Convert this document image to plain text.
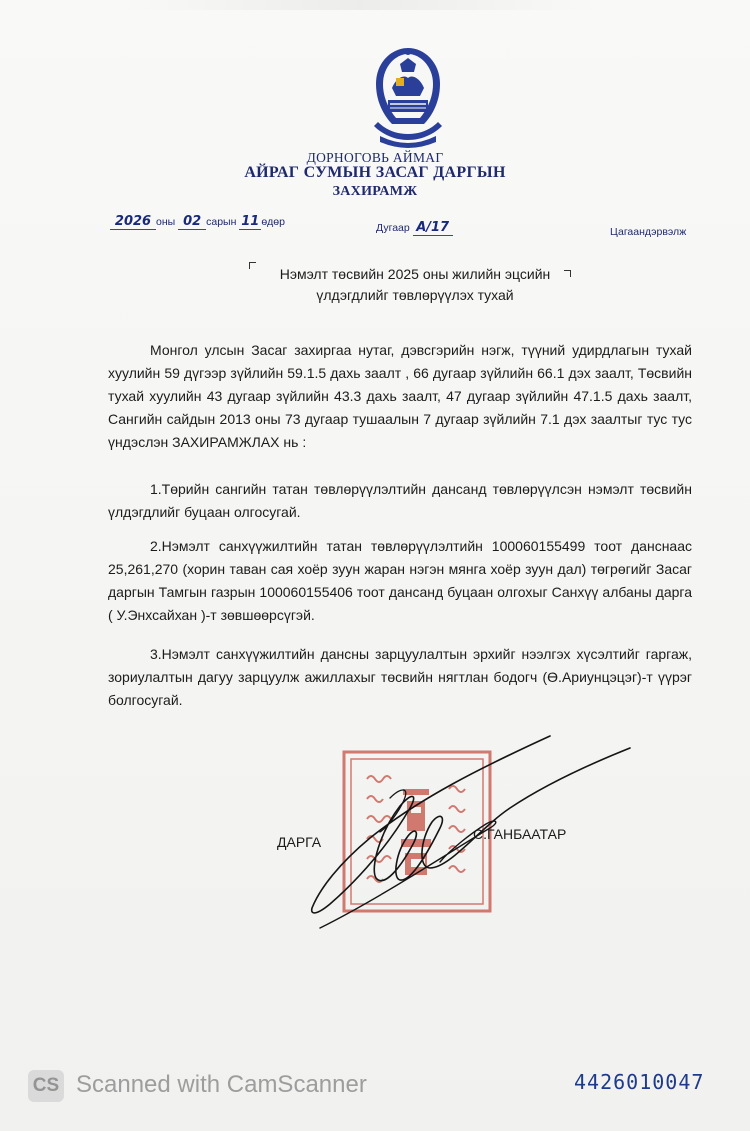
ДОРНОГОВЬ АЙМАГ
АЙРАГ СУМЫН ЗАСАГ ДАРГЫН
ЗАХИРАМЖ
2026 оны 02 сарын 11 өдөр	Дугаар А/17	Цагаандэрвэлж
Нэмэлт төсвийн 2025 оны жилийн эцсийн
үлдэгдлийг төвлөрүүлэх тухай
Монгол улсын Засаг захиргаа нутаг, дэвсгэрийн нэгж, түүний удирдлагын тухай хуулийн 59 дүгээр зүйлийн 59.1.5 дахь заалт , 66 дугаар зүйлийн 66.1 дэх заалт, Төсвийн тухай хуулийн 43 дугаар зүйлийн 43.3 дахь заалт, 47 дугаар зүйлийн 47.1.5 дахь заалт, Сангийн сайдын 2013 оны 73 дугаар тушаалын 7 дугаар зүйлийн 7.1 дэх заалтыг тус тус үндэслэн ЗАХИРАМЖЛАХ нь :
1.Төрийн сангийн татан төвлөрүүлэлтийн дансанд төвлөрүүлсэн нэмэлт төсвийн үлдэгдлийг буцаан олгосугай.
2.Нэмэлт санхүүжилтийн татан төвлөрүүлэлтийн 100060155499 тоот данснаас 25,261,270 (хорин таван сая хоёр зуун жаран нэгэн мянга хоёр зуун дал) төгрөгийг Засаг даргын Тамгын газрын 100060155406 тоот дансанд буцаан олгохыг Санхүү албаны дарга ( У.Энхсайхан )-т зөвшөөрсүгэй.
3.Нэмэлт санхүүжилтийн дансны зарцуулалтын эрхийг нээлгэх хүсэлтийг гаргаж, зориулалтын дагуу зарцуулж ажиллахыг төсвийн нягтлан бодогч (Ө.Ариунцэцэг)-т үүрэг болгосугай.
ДАРГА	С.ГАНБААТАР
CS Scanned with CamScanner	4426010047
